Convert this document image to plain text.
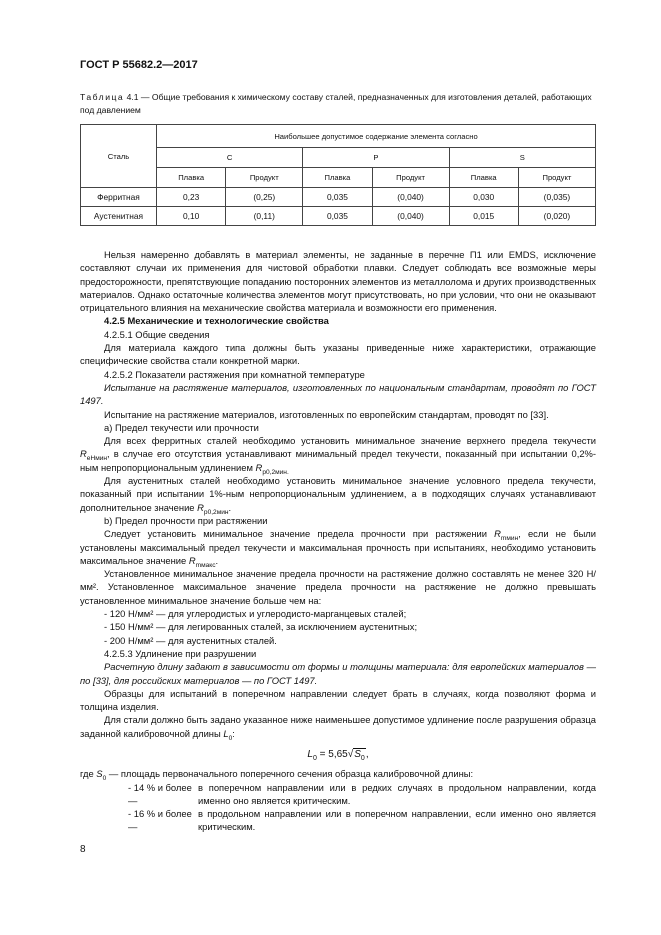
ГОСТ Р 55682.2—2017
Таблица 4.1 — Общие требования к химическому составу сталей, предназначенных для изготовления деталей, работающих под давлением
Сталь	Наибольшее допустимое содержание элемента согласно					
	C		P		S	
	Плавка	Продукт	Плавка	Продукт	Плавка	Продукт
Ферритная	0,23	(0,25)	0,035	(0,040)	0,030	(0,035)
Аустенитная	0,10	(0,11)	0,035	(0,040)	0,015	(0,020)

Нельзя намеренно добавлять в материал элементы, не заданные в перечне П1 или EMDS, исключение составляют случаи их применения для чистовой обработки плавки. Следует соблюдать все возможные меры предосторожности, препятствующие попаданию посторонних элементов из металлолома и других производственных материалов. Однако остаточные количества элементов могут присутствовать, но при условии, что они не оказывают отрицательного влияния на механические свойства материала и возможности его применения.

4.2.5 Механические и технологические свойства

4.2.5.1 Общие сведения

Для материала каждого типа должны быть указаны приведенные ниже характеристики, отражающие специфические свойства стали конкретной марки.

4.2.5.2 Показатели растяжения при комнатной температуре

Испытание на растяжение материалов, изготовленных по национальным стандартам, проводят по ГОСТ 1497.

Испытание на растяжение материалов, изготовленных по европейским стандартам, проводят по [33].

а) Предел текучести или прочности

Для всех ферритных сталей необходимо установить минимальное значение верхнего предела текучести $R_{eHмин}$, в случае его отсутствия устанавливают минимальный предел текучести, показанный при испытании 0,2%-ным непропорциональным удлинением $R_{p0,2мин.}$

Для аустенитных сталей необходимо установить минимальное значение условного предела текучести, показанный при испытании 1%-ным непропорциональным удлинением, а в подходящих случаях устанавливают дополнительное значение $R_{p0,2мин}$.

b) Предел прочности при растяжении

Следует установить минимальное значение предела прочности при растяжении $R_{mмин}$, если не были установлены максимальный предел текучести и максимальная прочность при испытаниях, необходимо установить максимальное значение $R_{mмакс}$.

Установленное минимальное значение предела прочности на растяжение должно составлять не менее 320 Н/мм². Установленное максимальное значение предела прочности на растяжение не должно превышать установленное минимальное значение больше чем на:

- 120 Н/мм² — для углеродистых и углеродисто-марганцевых сталей;

- 150 Н/мм² — для легированных сталей, за исключением аустенитных;

- 200 Н/мм² — для аустенитных сталей.

4.2.5.3 Удлинение при разрушении

Расчетную длину задают в зависимости от формы и толщины материала: для европейских материалов — по [33], для российских материалов — по ГОСТ 1497.

Образцы для испытаний в поперечном направлении следует брать в случаях, когда позволяют форма и толщина изделия.

Для стали должно быть задано указанное ниже наименьшее допустимое удлинение после разрушения образца заданной калибровочной длины $L_0$:

$L_0 = 5,65√S_0$,

где $S_0$ — площадь первоначального поперечного сечения образца калибровочной длины:

- 14 % и более —
в поперечном направлении или в редких случаях в продольном направлении, когда именно оно является критическим.
- 16 % и более —
в продольном направлении или в поперечном направлении, если именно оно является критическим.
8
